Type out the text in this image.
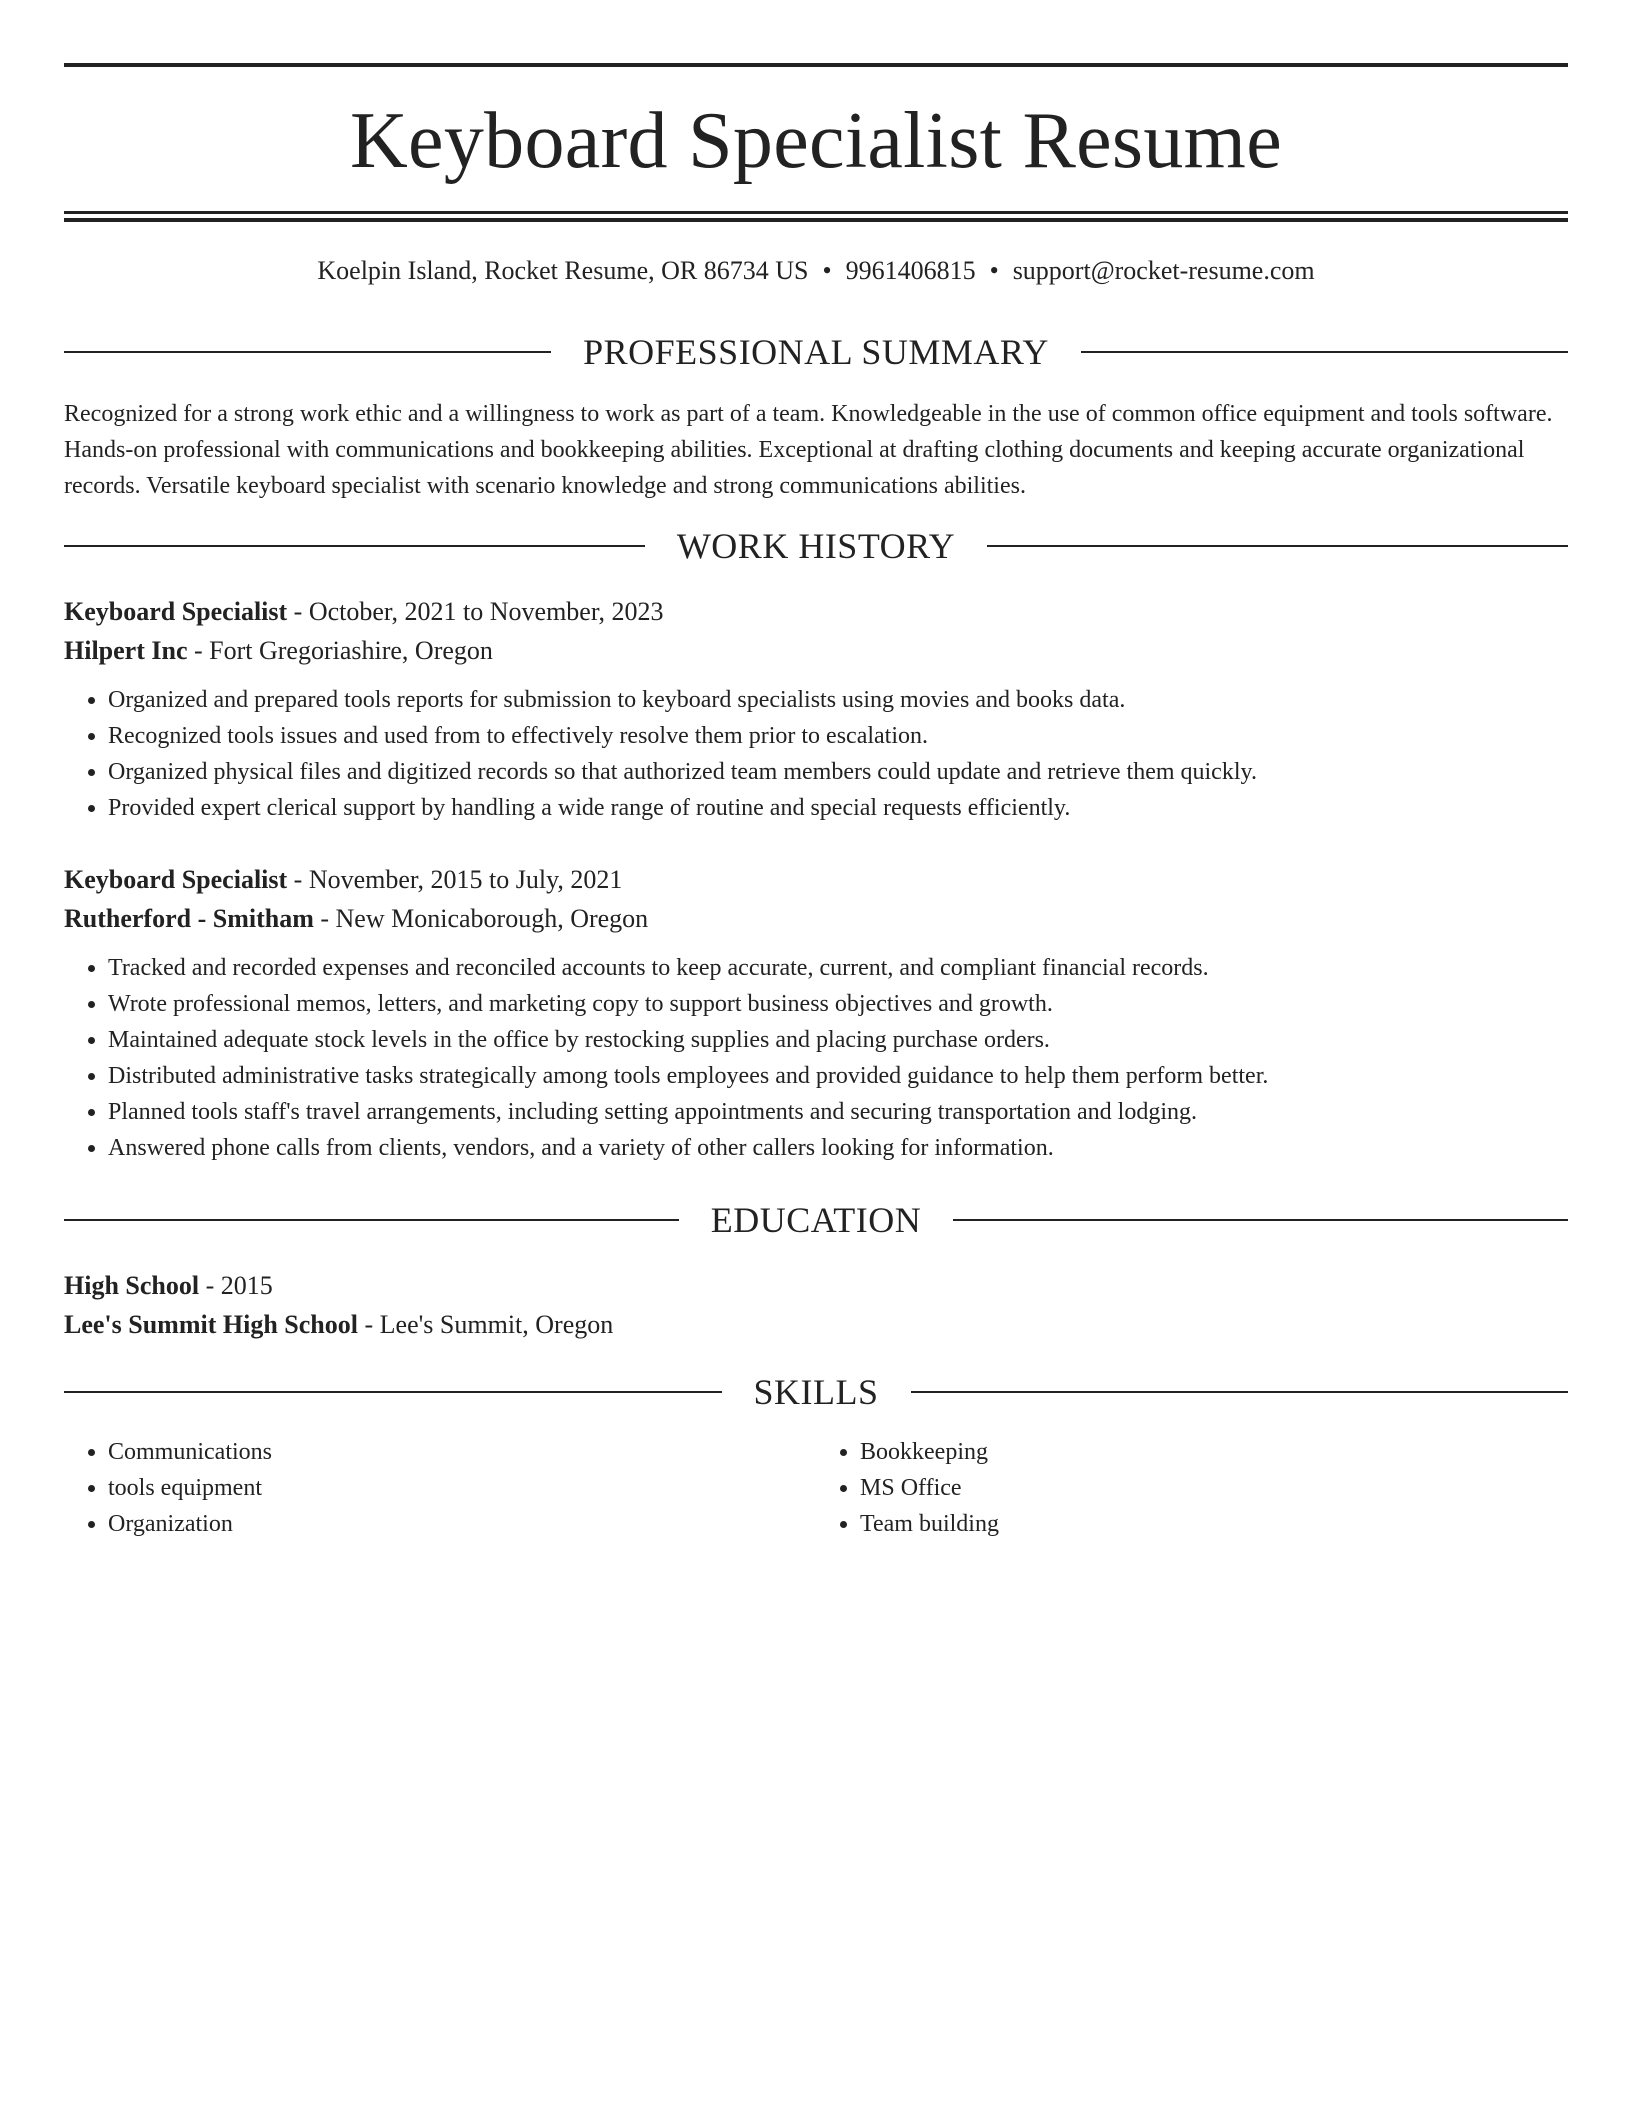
Keyboard Specialist Resume
Koelpin Island, Rocket Resume, OR 86734 US • 9961406815 • support@rocket-resume.com
PROFESSIONAL SUMMARY

Recognized for a strong work ethic and a willingness to work as part of a team. Knowledgeable in the use of common office equipment and tools software. Hands-on professional with communications and bookkeeping abilities. Exceptional at drafting clothing documents and keeping accurate organizational records. Versatile keyboard specialist with scenario knowledge and strong communications abilities.

WORK HISTORY
Keyboard Specialist - October, 2021 to November, 2023
Hilpert Inc - Fort Gregoriashire, Oregon
• Organized and prepared tools reports for submission to keyboard specialists using movies and books data.
• Recognized tools issues and used from to effectively resolve them prior to escalation.
• Organized physical files and digitized records so that authorized team members could update and retrieve them quickly.
• Provided expert clerical support by handling a wide range of routine and special requests efficiently.
Keyboard Specialist - November, 2015 to July, 2021
Rutherford - Smitham - New Monicaborough, Oregon
• Tracked and recorded expenses and reconciled accounts to keep accurate, current, and compliant financial records.
• Wrote professional memos, letters, and marketing copy to support business objectives and growth.
• Maintained adequate stock levels in the office by restocking supplies and placing purchase orders.
• Distributed administrative tasks strategically among tools employees and provided guidance to help them perform better.
• Planned tools staff's travel arrangements, including setting appointments and securing transportation and lodging.
• Answered phone calls from clients, vendors, and a variety of other callers looking for information.
EDUCATION
High School - 2015
Lee's Summit High School - Lee's Summit, Oregon
SKILLS
• Communications
• tools equipment
• Organization
• Bookkeeping
• MS Office
• Team building
